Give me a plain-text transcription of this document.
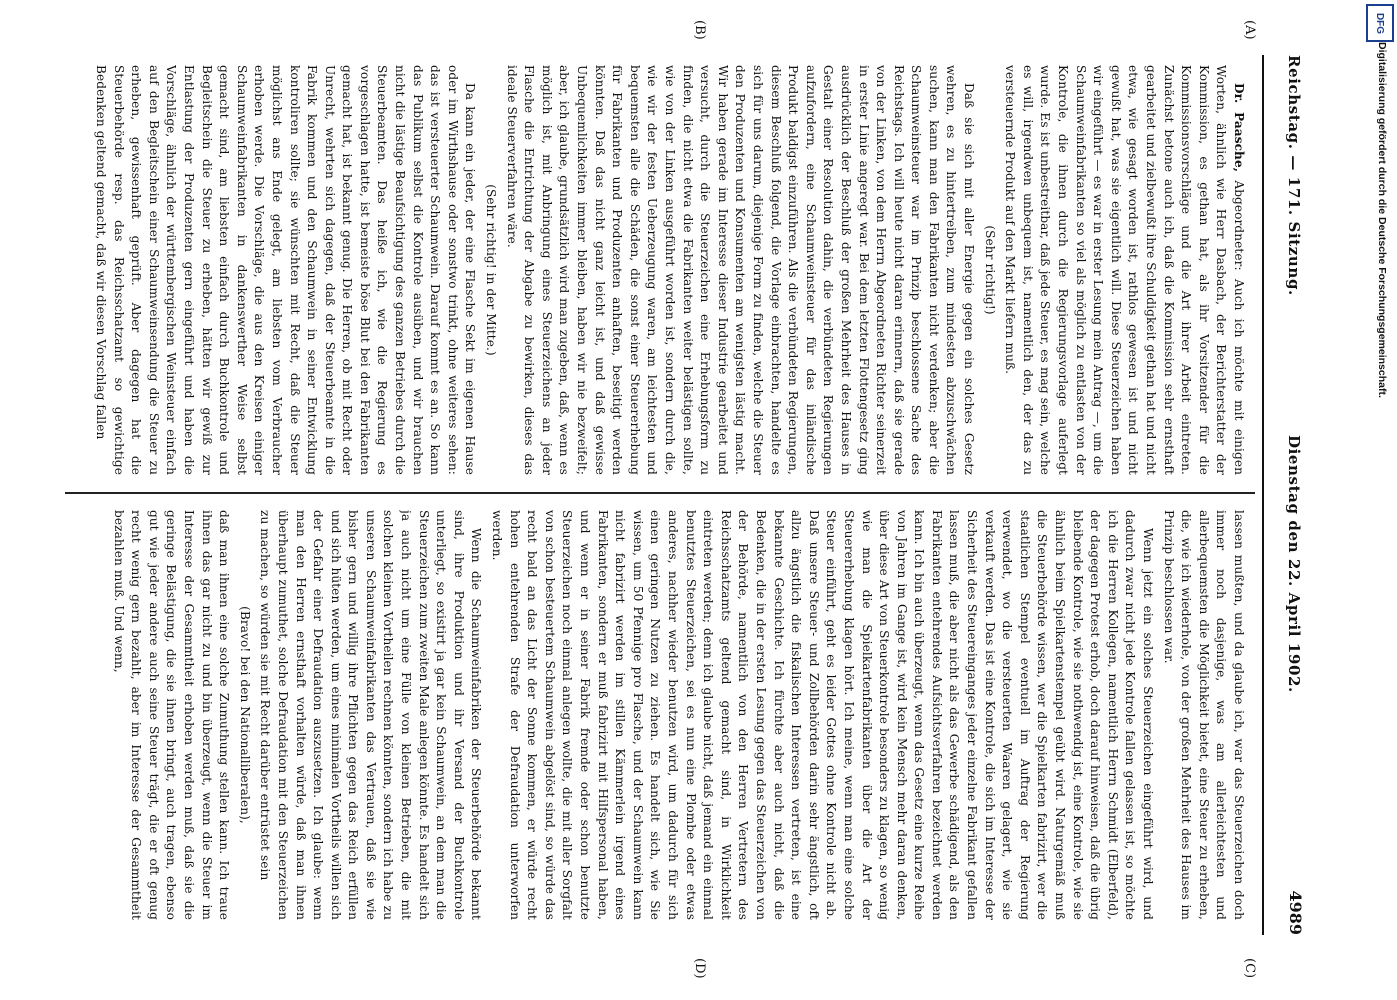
Reichstag. — 171. Sitzung.
Dienstag den 22. April 1902.
4989
(A)
(B)
(C)
(D)

Dr. Paasche, Abgeordneter: Auch ich möchte mit einigen Worten, ähnlich wie Herr Dasbach, der Berichterstatter der Kommission, es gethan hat, als ihr Vorsitzender für die Kommissionsvorschläge und die Art ihrer Arbeit eintreten. Zunächst betone auch ich, daß die Kommission sehr ernsthaft gearbeitet und zielbewußt ihre Schuldigkeit gethan hat und nicht etwa, wie gesagt worden ist, rathlos gewesen ist und nicht gewußt hat, was sie eigentlich will. Diese Steuerzeichen haben wir eingeführt — es war in erster Lesung mein Antrag —, um die Schaumweinfabrikanten so viel als möglich zu entlasten von der Kontrole, die ihnen durch die Regierungsvorlage auferlegt wurde. Es ist unbestreitbar, daß jede Steuer, es mag sein, welche es will, irgendwen unbequem ist, namentlich den, der das zu versteuernde Produkt auf den Markt liefern muß.

(Sehr richtig!)

Daß sie sich mit aller Energie gegen ein solches Gesetz wehren, es zu hintertreiben, zum mindesten abzuschwächen suchen, kann man den Fabrikanten nicht verdenken; aber die Schaumweinsteuer war im Prinzip beschlossene Sache des Reichstags. Ich will heute nicht daran erinnern, daß sie gerade von der Linken, von dem Herrn Abgeordneten Richter seinerzeit in erster Linie angeregt war. Bei dem letzten Flottengesetz ging ausdrücklich der Beschluß der großen Mehrheit des Hauses in Gestalt einer Resolution dahin, die verbündeten Regierungen aufzufordern, eine Schaumweinsteuer für das inländische Produkt baldigst einzuführen. Als die verbündeten Regierungen, diesem Beschluß folgend, die Vorlage einbrachten, handelte es sich für uns darum, diejenige Form zu finden, welche die Steuer den Produzenten und Konsumenten am wenigsten lästig macht. Wir haben gerade im Interesse dieser Industrie gearbeitet und versucht, durch die Steuerzeichen eine Erhebungsform zu finden, die nicht etwa die Fabrikanten weiter belästigen sollte, wie von der Linken ausgeführt worden ist, sondern durch die, wie wir der festen Ueberzeugung waren, am leichtesten und bequemsten alle die Schäden, die sonst einer Steuererhebung für Fabrikanten und Produzenten anhaften, beseitigt werden könnten. Daß das nicht ganz leicht ist, und daß gewisse Unbequemlichkeiten immer bleiben, haben wir nie bezweifelt; aber, ich glaube, grundsätzlich wird man zugeben, daß, wenn es möglich ist, mit Anbringung eines Steuerzeichens an jeder Flasche die Entrichtung der Abgabe zu bewirken, dieses das ideale Steuerverfahren wäre.

(Sehr richtig! in der Mitte.)

Da kann ein jeder, der eine Flasche Sekt im eigenen Hause oder im Wirthshause oder sonstwo trinkt, ohne weiteres sehen: das ist versteuerter Schaumwein. Darauf kommt es an. So kann das Publikum selbst die Kontrole ausüben, und wir brauchen nicht die lästige Beaufsichtigung des ganzen Betriebes durch die Steuerbeamten. Das heiße ich, wie die Regierung es vorgeschlagen hatte, ist bemeiste böse Blut bei den Fabrikanten gemacht hat, ist bekannt genug. Die Herren, ob mit Recht oder Unrecht, wehrten sich dagegen, daß der Steuerbeamte in die Fabrik kommen und den Schaumwein in seiner Entwicklung kontroliren sollte; sie wünschten mit Recht, daß die Steuer möglichst ans Ende gelegt, am liebsten vom Verbraucher erhoben werde. Die Vorschläge, die aus den Kreisen einiger Schaumweinfabrikanten in dankenswerther Weise selbst gemacht sind, am liebsten einfach durch Buchkontrole und Begleitschein die Steuer zu erheben, hätten wir gewiß zur Entlastung der Produzenten gern eingeführt und haben die Vorschläge, ähnlich der württembergischen Weinsteuer einfach auf den Begleitschein einer Schaumweinsendung die Steuer zu erheben, gewissenhaft geprüft. Aber dagegen hat die Steuerbehörde resp. das Reichsschatzamt so gewichtige Bedenken geltend gemacht, daß wir diesen Vorschlag fallen

lassen mußten, und da glaube ich, war das Steuerzeichen doch immer noch dasjenige, was am allerleichtesten und allerbequemsten die Möglichkeit bietet, eine Steuer zu erheben, die, wie ich wiederhole, von der großen Mehrheit des Hauses im Prinzip beschlossen war.

Wenn jetzt ein solches Steuerzeichen eingeführt wird, und dadurch zwar nicht jede Kontrole fallen gelassen ist, so möchte ich die Herren Kollegen, namentlich Herrn Schmidt (Elberfeld), der dagegen Protest erhob, doch darauf hinweisen, daß die übrig bleibende Kontrole, wie sie nothwendig ist, eine Kontrole, wie sie ähnlich beim Spielkartenstempel geübt wird. Naturgemäß muß die Steuerbehörde wissen, wer die Spielkarten fabrizirt, wer die staatlichen Stempel eventuell im Auftrag der Regierung verwendet, wo die versteuerten Waaren gelagert, wie sie verkauft werden. Das ist eine Kontrole, die sich im Interesse der Sicherheit des Steuereinganges jeder einzelne Fabrikant gefallen lassen muß, die aber nicht als das Gewerbe schädigend, als den Fabrikanten entehrendes Aufsichtsverfahren bezeichnet werden kann. Ich bin auch überzeugt, wenn das Gesetz eine kurze Reihe von Jahren im Gange ist, wird kein Mensch mehr daran denken, über diese Art von Steuerkontrole besonders zu klagen, so wenig wie man die Spielkartenfabrikanten über die Art der Steuererhebung klagen hört. Ich meine, wenn man eine solche Steuer einführt, geht es leider Gottes ohne Kontrole nicht ab. Daß unsere Steuer- und Zollbehörden darin sehr ängstlich, oft allzu ängstlich die fiskalischen Interessen vertreten, ist eine bekannte Geschichte. Ich fürchte aber auch nicht, daß die Bedenken, die in der ersten Lesung gegen das Steuerzeichen von der Behörde, namentlich von den Herren Vertretern des Reichsschatzamts geltend gemacht sind, in Wirklichkeit eintreten werden; denn ich glaube nicht, daß jemand ein einmal benutztes Steuerzeichen, sei es nun eine Plombe oder etwas anderes, nachher wieder benutzen wird, um dadurch für sich einen geringen Nutzen zu ziehen. Es handelt sich, wie Sie wissen, um 50 Pfennige pro Flasche, und der Schaumwein kann nicht fabrizirt werden im stillen Kämmerlein irgend eines Fabrikanten, sondern er muß fabrizirt mit Hilfspersonal haben, und wenn er in seiner Fabrik fremde oder schon benutzte Steuerzeichen noch einmal anlegen wollte, die mit aller Sorgfalt von schon besteuertem Schaumwein abgelöst sind, so würde das recht bald an das Licht der Sonne kommen, er würde recht hohen entehrenden Strafe der Defraudation unterworfen werden.

Wenn die Schaumweinfabriken der Steuerbehörde bekannt sind, ihre Produktion und ihr Versand der Buchkontrole unterliegt, so existirt ja gar kein Schaumwein, an dem man die Steuerzeichen zum zweiten Male anlegen könnte. Es handelt sich ja auch nicht um eine Fülle von kleinen Betrieben, die mit solchen kleinen Vortheilen rechnen könnten, sondern ich habe zu unseren Schaumweinfabrikanten das Vertrauen, daß sie wie bisher gern und willig ihre Pflichten gegen das Reich erfüllen und sich hüten werden, um eines minimalen Vortheils willen sich der Gefahr einer Defraudation auszusetzen. Ich glaube: wenn man den Herren ernsthaft vorhalten würde, daß man ihnen überhaupt zumuthet, solche Defraudation mit den Steuerzeichen zu machen, so würden sie mit Recht darüber entrüstet sein

(Bravo! bei den Nationalliberalen),

daß man ihnen eine solche Zumuthung stellen kann. Ich traue ihnen das gar nicht zu und bin überzeugt, wenn die Steuer im Interesse der Gesammtheit erhoben werden muß, daß sie die geringe Belästigung, die sie ihnen bringt, auch tragen, ebenso gut wie jeder andere auch seine Steuer trägt, die er oft genug recht wenig gern bezahlt, aber im Interesse der Gesammtheit bezahlen muß. Und wenn,

DFG
Digitalisierung gefördert durch die Deutsche Forschungsgemeinschaft.
